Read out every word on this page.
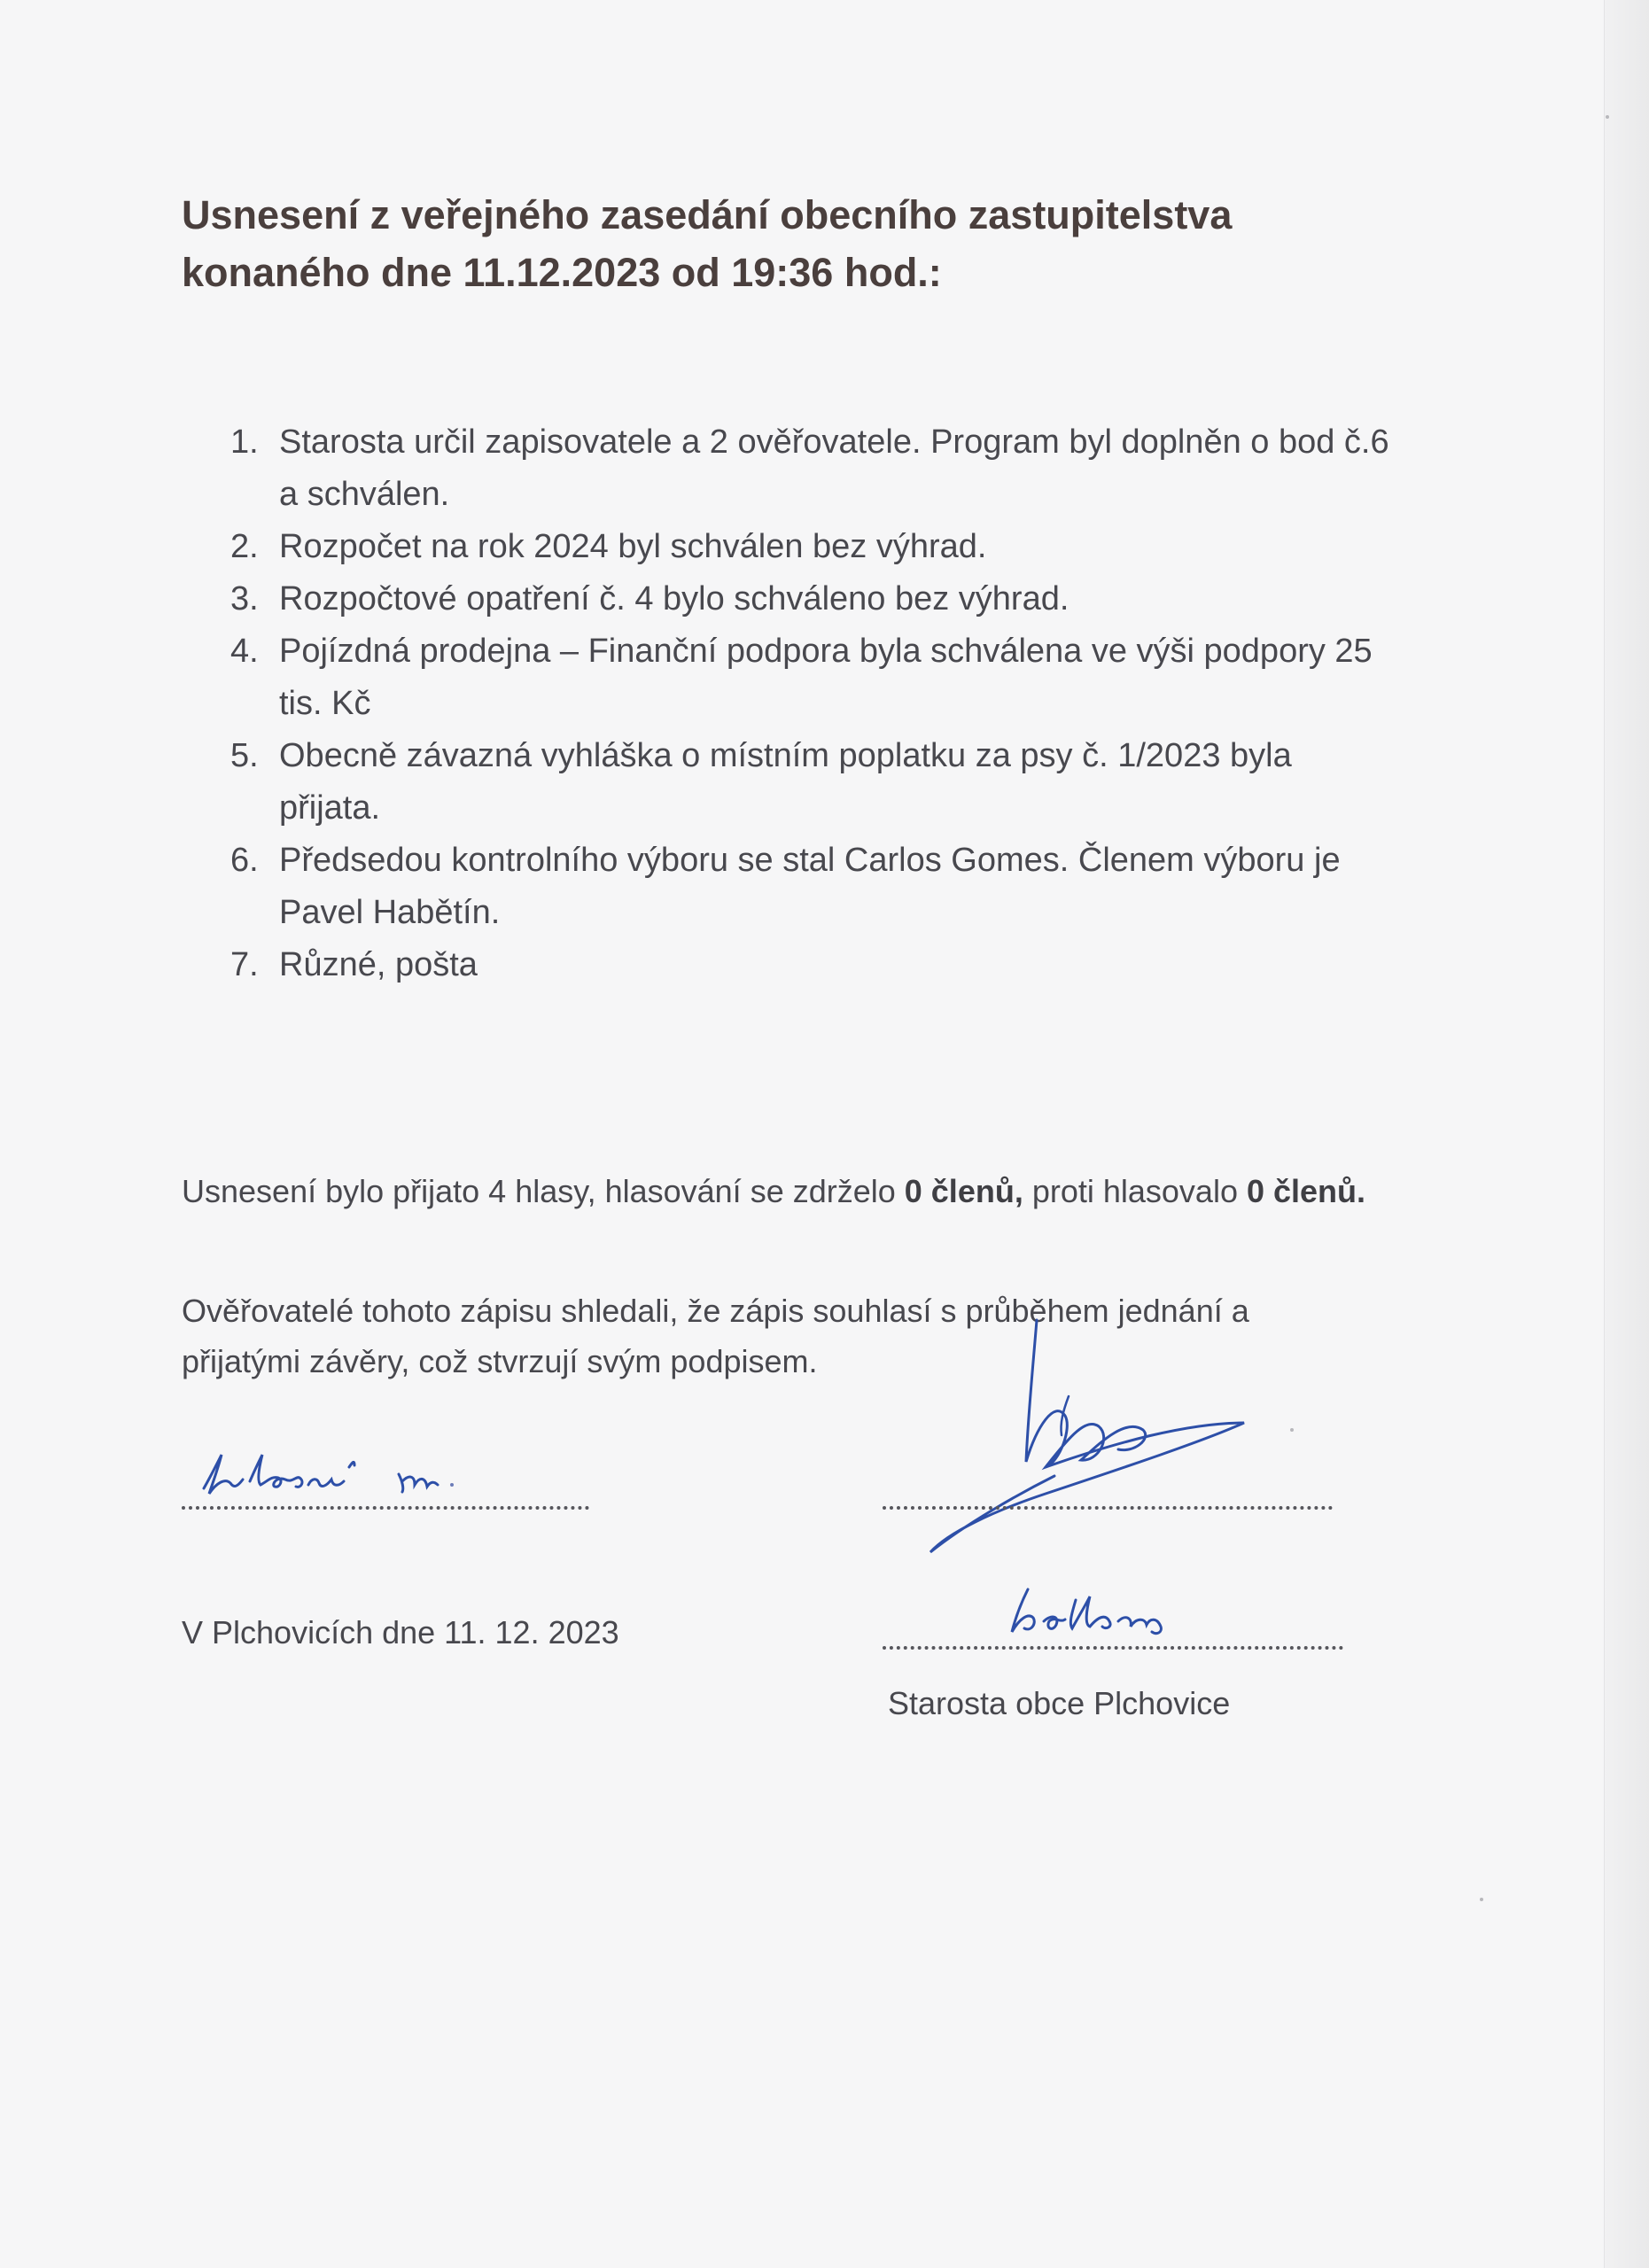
Usnesení z veřejného zasedání obecního zastupitelstva
konaného dne 11.12.2023 od 19:36 hod.:
1. Starosta určil zapisovatele a 2 ověřovatele. Program byl doplněn o bod č.6 a schválen.
2. Rozpočet na rok 2024 byl schválen bez výhrad.
3. Rozpočtové opatření č. 4 bylo schváleno bez výhrad.
4. Pojízdná prodejna – Finanční podpora byla schválena ve výši podpory 25 tis. Kč
5. Obecně závazná vyhláška o místním poplatku za psy č. 1/2023 byla přijata.
6. Předsedou kontrolního výboru se stal Carlos Gomes. Členem výboru je Pavel Habětín.
7. Různé, pošta

Usnesení bylo přijato 4 hlasy, hlasování se zdrželo 0 členů, proti hlasovalo 0 členů.

Ověřovatelé tohoto zápisu shledali, že zápis souhlasí s průběhem jednání a přijatými závěry, což stvrzují svým podpisem.

V Plchovicích dne 11. 12. 2023
Starosta obce Plchovice
